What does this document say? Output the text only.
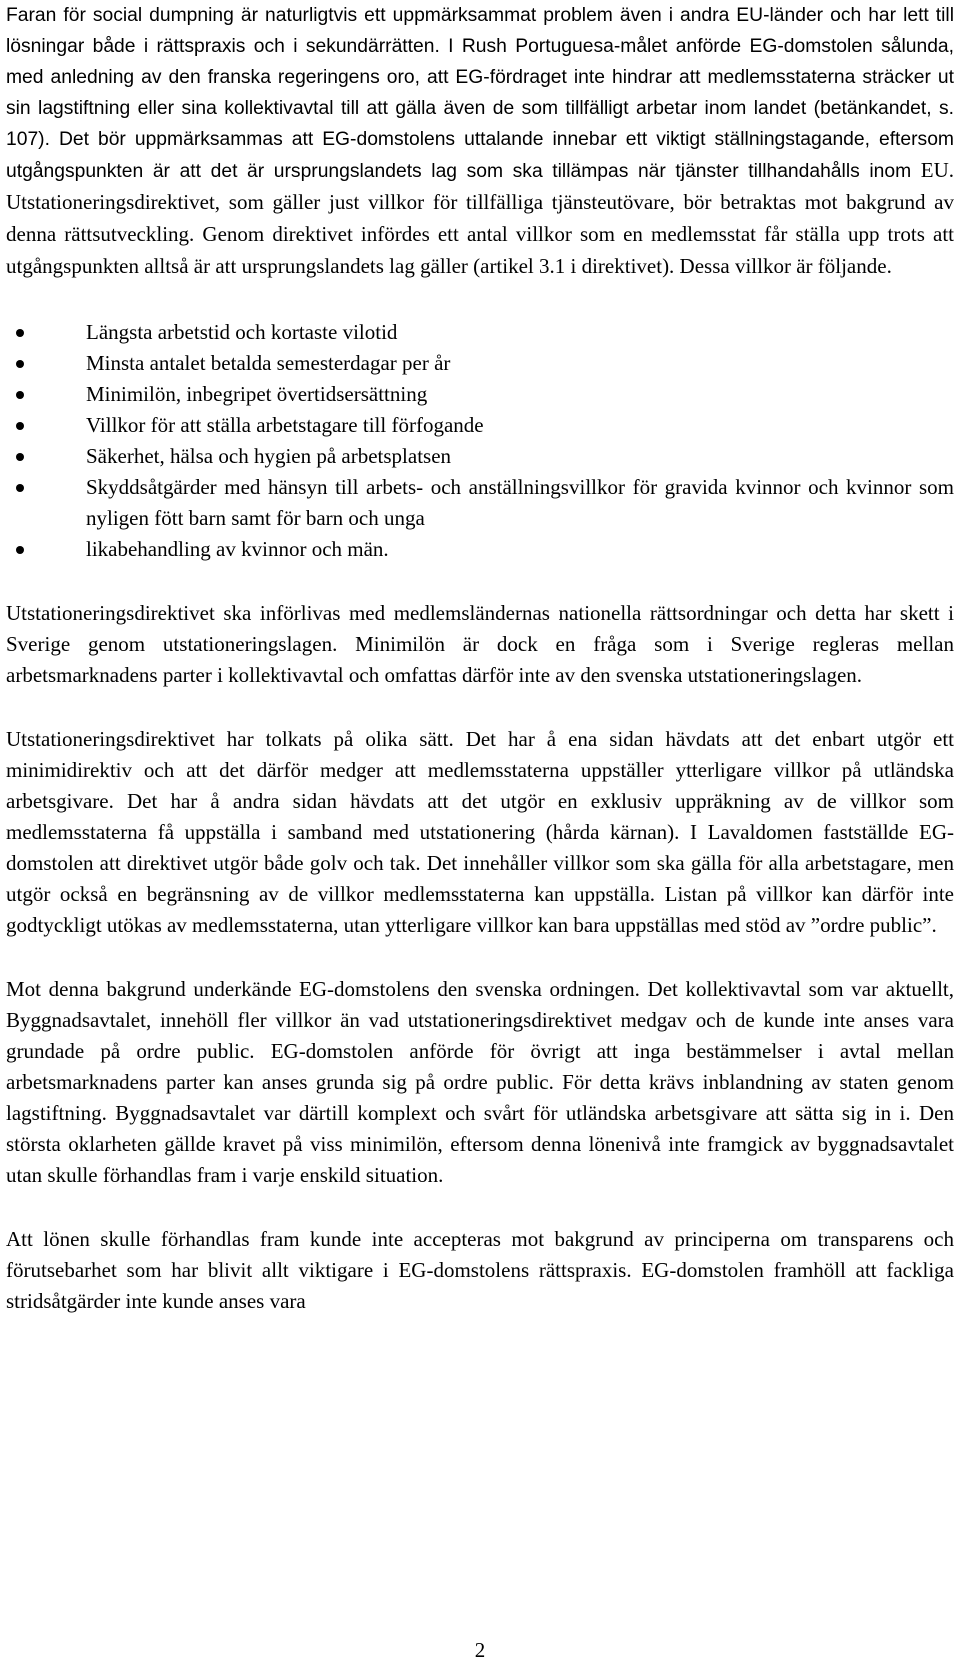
Faran för social dumpning är naturligtvis ett uppmärksammat problem även i andra EU-länder och har lett till lösningar både i rättspraxis och i sekundärrätten. I Rush Portuguesa-målet anförde EG-domstolen sålunda, med anledning av den franska regeringens oro, att EG-fördraget inte hindrar att medlemsstaterna sträcker ut sin lagstiftning eller sina kollektivavtal till att gälla även de som tillfälligt arbetar inom landet (betänkandet, s. 107). Det bör uppmärksammas att EG-domstolens uttalande innebar ett viktigt ställningstagande, eftersom utgångspunkten är att det är ursprungslandets lag som ska tillämpas när tjänster tillhandahålls inom EU. Utstationeringsdirektivet, som gäller just villkor för tillfälliga tjänsteutövare, bör betraktas mot bakgrund av denna rättsutveckling. Genom direktivet infördes ett antal villkor som en medlemsstat får ställa upp trots att utgångspunkten alltså är att ursprungslandets lag gäller (artikel 3.1 i direktivet). Dessa villkor är följande.

Längsta arbetstid och kortaste vilotid
Minsta antalet betalda semesterdagar per år
Minimilön, inbegripet övertidsersättning
Villkor för att ställa arbetstagare till förfogande
Säkerhet, hälsa och hygien på arbetsplatsen
Skyddsåtgärder med hänsyn till arbets- och anställningsvillkor för gravida kvinnor och kvinnor som nyligen fött barn samt för barn och unga
likabehandling av kvinnor och män.

Utstationeringsdirektivet ska införlivas med medlemsländernas nationella rättsordningar och detta har skett i Sverige genom utstationeringslagen. Minimilön är dock en fråga som i Sverige regleras mellan arbetsmarknadens parter i kollektivavtal och omfattas därför inte av den svenska utstationeringslagen.

Utstationeringsdirektivet har tolkats på olika sätt. Det har å ena sidan hävdats att det enbart utgör ett minimidirektiv och att det därför medger att medlemsstaterna uppställer ytterligare villkor på utländska arbetsgivare. Det har å andra sidan hävdats att det utgör en exklusiv uppräkning av de villkor som medlemsstaterna få uppställa i samband med utstationering (hårda kärnan). I Lavaldomen fastställde EG-domstolen att direktivet utgör både golv och tak. Det innehåller villkor som ska gälla för alla arbetstagare, men utgör också en begränsning av de villkor medlemsstaterna kan uppställa. Listan på villkor kan därför inte godtyckligt utökas av medlemsstaterna, utan ytterligare villkor kan bara uppställas med stöd av ”ordre public”.

Mot denna bakgrund underkände EG-domstolens den svenska ordningen. Det kollektivavtal som var aktuellt, Byggnadsavtalet, innehöll fler villkor än vad utstationeringsdirektivet medgav och de kunde inte anses vara grundade på ordre public. EG-domstolen anförde för övrigt att inga bestämmelser i avtal mellan arbetsmarknadens parter kan anses grunda sig på ordre public. För detta krävs inblandning av staten genom lagstiftning. Byggnadsavtalet var därtill komplext och svårt för utländska arbetsgivare att sätta sig in i. Den största oklarheten gällde kravet på viss minimilön, eftersom denna lönenivå inte framgick av byggnadsavtalet utan skulle förhandlas fram i varje enskild situation.

Att lönen skulle förhandlas fram kunde inte accepteras mot bakgrund av principerna om transparens och förutsebarhet som har blivit allt viktigare i EG-domstolens rättspraxis. EG-domstolen framhöll att fackliga stridsåtgärder inte kunde anses vara

2
